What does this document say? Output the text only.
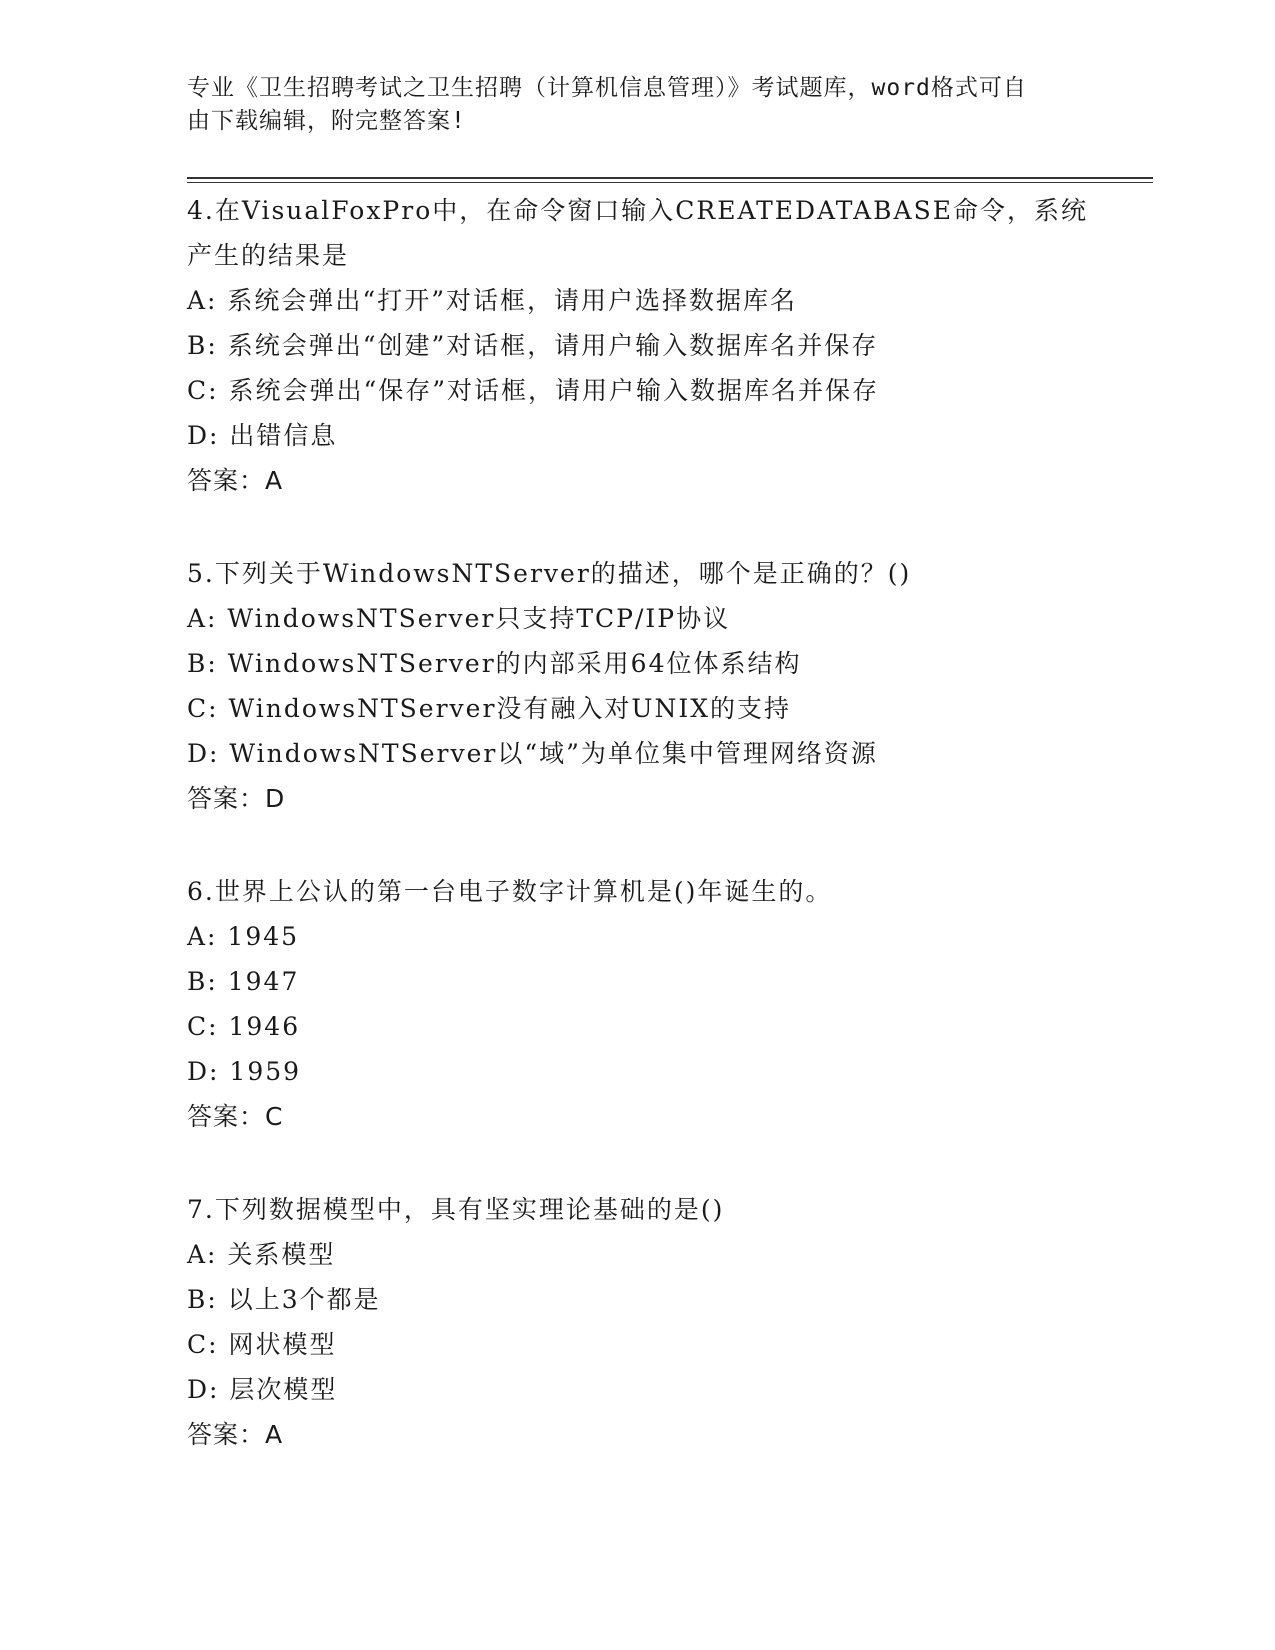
专业《卫生招聘考试之卫生招聘（计算机信息管理）》考试题库，word格式可自
由下载编辑，附完整答案!
4.在VisualFoxPro中，在命令窗口输入CREATEDATABASE命令，系统
产生的结果是
A: 系统会弹出“打开”对话框，请用户选择数据库名
B: 系统会弹出“创建”对话框，请用户输入数据库名并保存
C: 系统会弹出“保存”对话框，请用户输入数据库名并保存
D: 出错信息
答案：A
5.下列关于WindowsNTServer的描述，哪个是正确的？()
A: WindowsNTServer只支持TCP/IP协议
B: WindowsNTServer的内部采用64位体系结构
C: WindowsNTServer没有融入对UNIX的支持
D: WindowsNTServer以“域”为单位集中管理网络资源
答案：D
6.世界上公认的第一台电子数字计算机是()年诞生的。
A: 1945
B: 1947
C: 1946
D: 1959
答案：C
7.下列数据模型中，具有坚实理论基础的是()
A: 关系模型
B: 以上3个都是
C: 网状模型
D: 层次模型
答案：A
